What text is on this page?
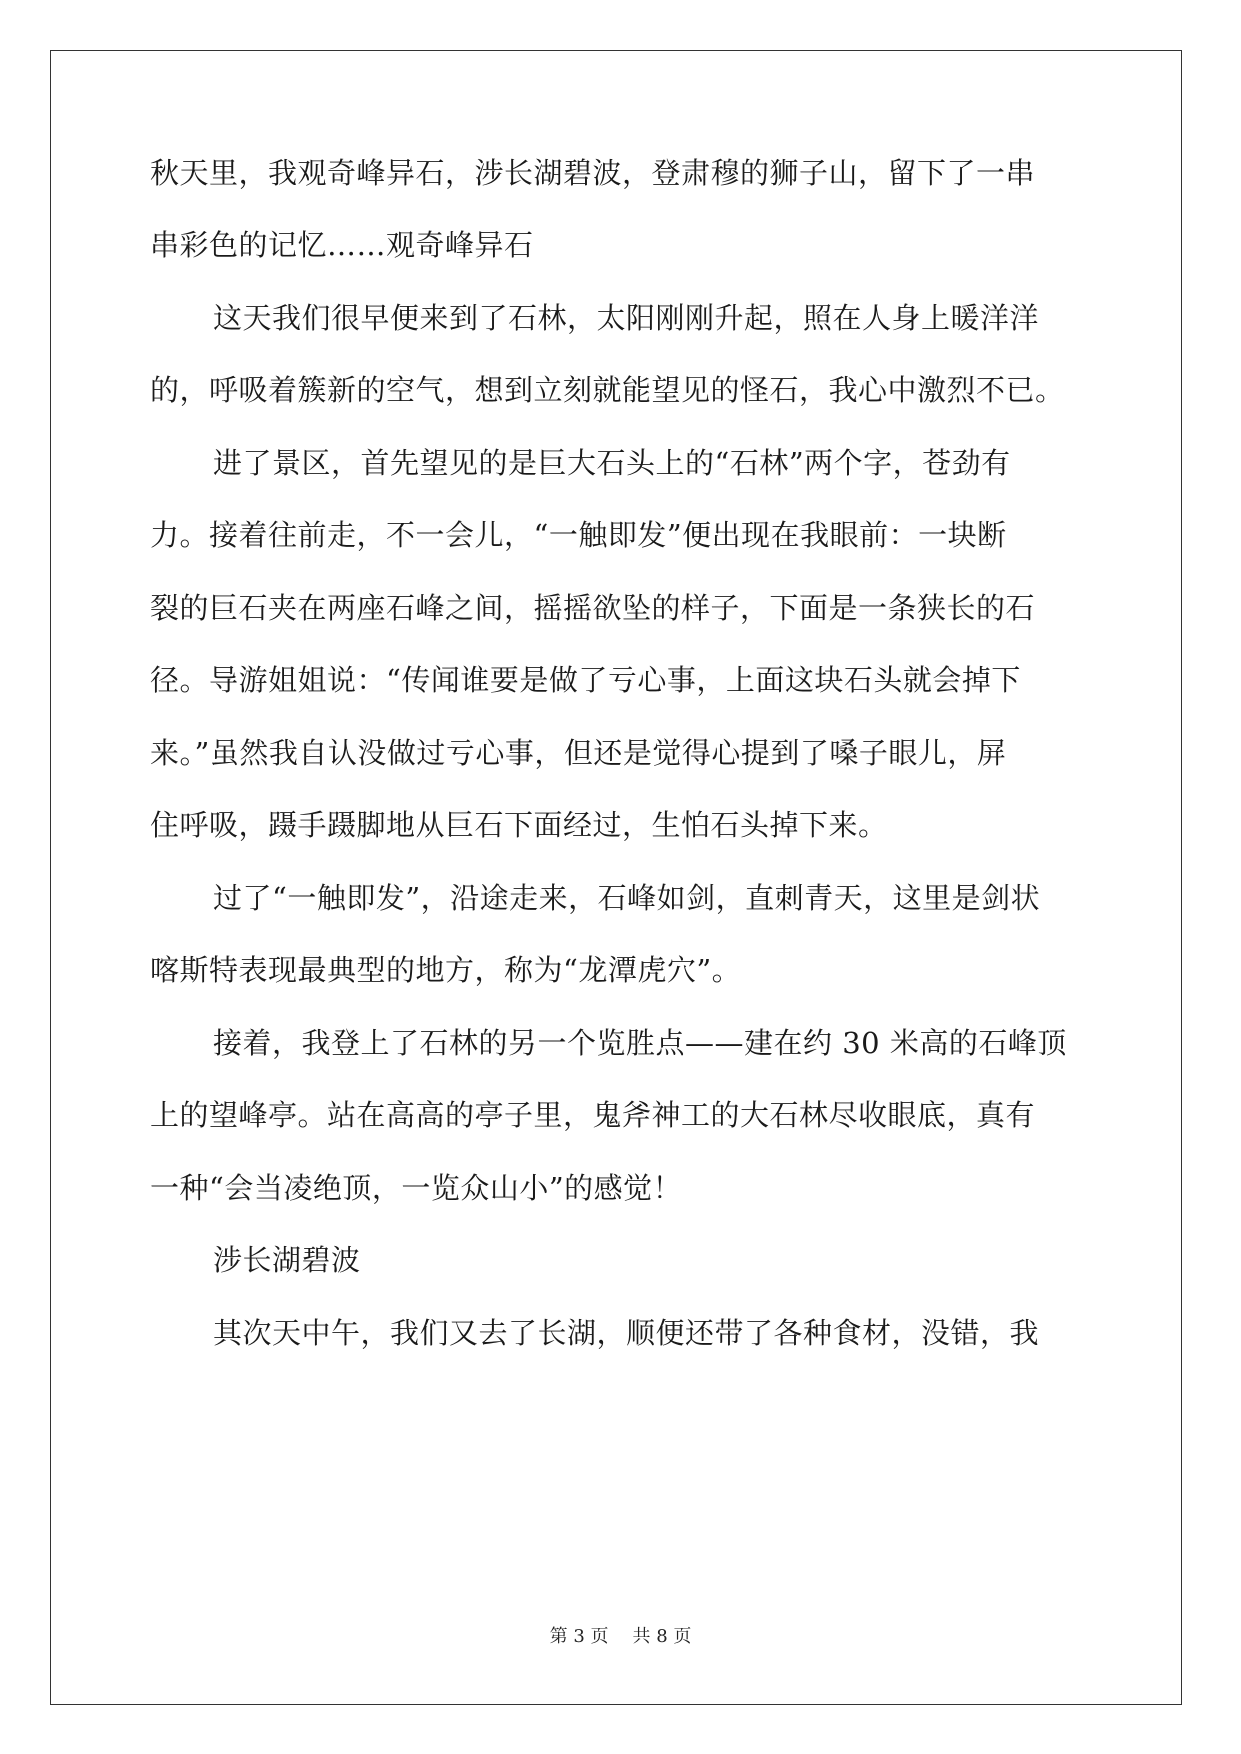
秋天里，我观奇峰异石，涉长湖碧波，登肃穆的狮子山，留下了一串
串彩色的记忆……观奇峰异石
这天我们很早便来到了石林，太阳刚刚升起，照在人身上暖洋洋
的，呼吸着簇新的空气，想到立刻就能望见的怪石，我心中激烈不已。
进了景区，首先望见的是巨大石头上的“石林”两个字，苍劲有
力。接着往前走，不一会儿，“一触即发”便出现在我眼前：一块断
裂的巨石夹在两座石峰之间，摇摇欲坠的样子，下面是一条狭长的石
径。导游姐姐说：“传闻谁要是做了亏心事，上面这块石头就会掉下
来。”虽然我自认没做过亏心事，但还是觉得心提到了嗓子眼儿，屏
住呼吸，蹑手蹑脚地从巨石下面经过，生怕石头掉下来。
过了“一触即发”，沿途走来，石峰如剑，直刺青天，这里是剑状
喀斯特表现最典型的地方，称为“龙潭虎穴”。
接着，我登上了石林的另一个览胜点——建在约 30 米高的石峰顶
上的望峰亭。站在高高的亭子里，鬼斧神工的大石林尽收眼底，真有
一种“会当凌绝顶，一览众山小”的感觉！
涉长湖碧波
其次天中午，我们又去了长湖，顺便还带了各种食材，没错，我
第 3 页 共 8 页
